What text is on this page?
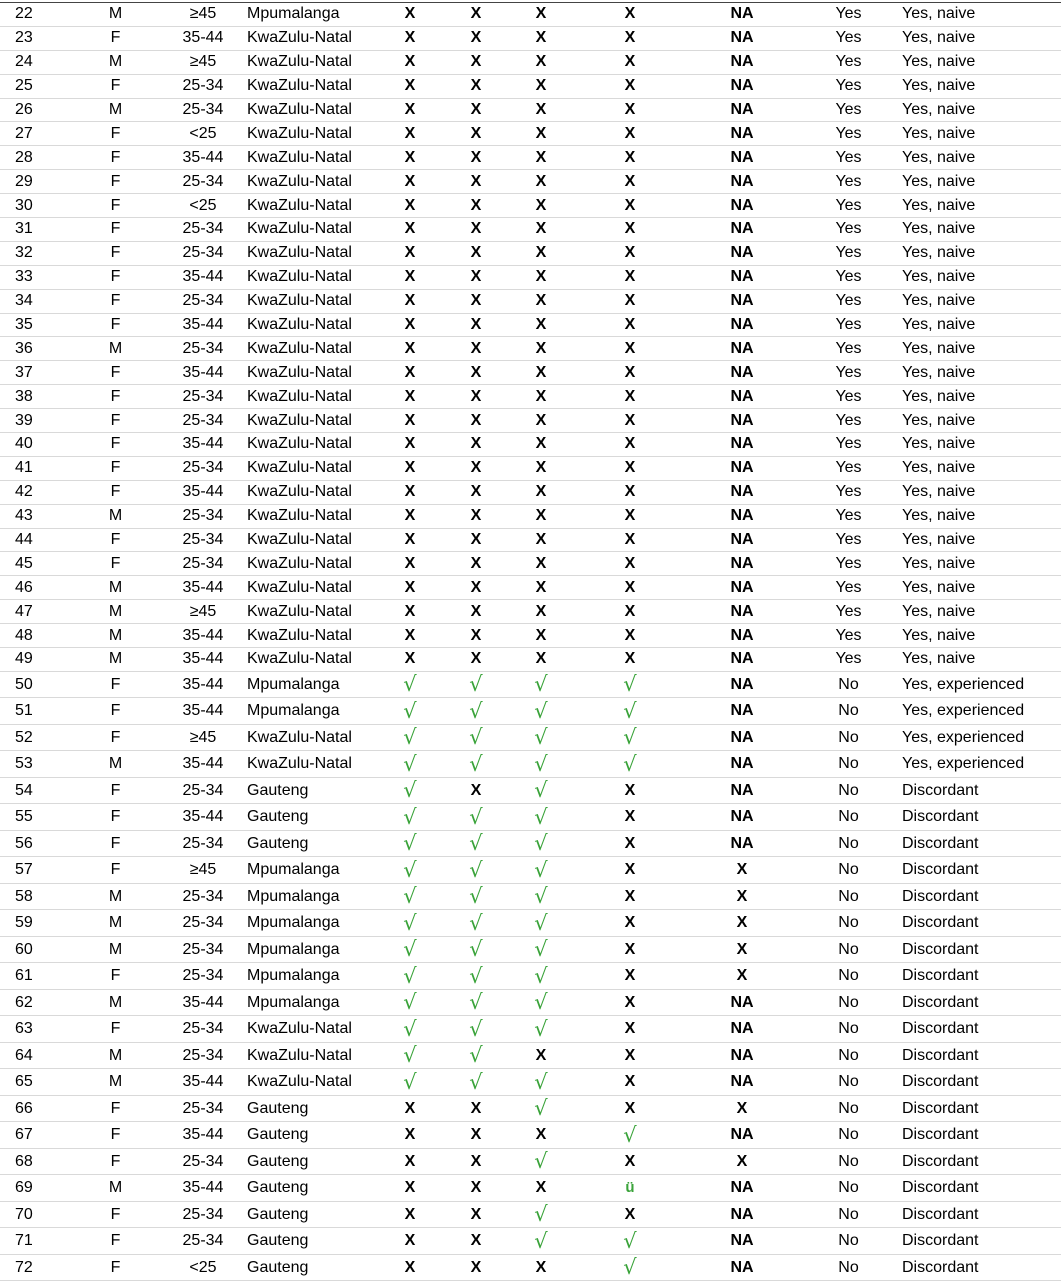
22	M	≥45	Mpumalanga	X	X	X	X	NA	Yes	Yes, naive
23	F	35-44	KwaZulu-Natal	X	X	X	X	NA	Yes	Yes, naive
24	M	≥45	KwaZulu-Natal	X	X	X	X	NA	Yes	Yes, naive
25	F	25-34	KwaZulu-Natal	X	X	X	X	NA	Yes	Yes, naive
26	M	25-34	KwaZulu-Natal	X	X	X	X	NA	Yes	Yes, naive
27	F	<25	KwaZulu-Natal	X	X	X	X	NA	Yes	Yes, naive
28	F	35-44	KwaZulu-Natal	X	X	X	X	NA	Yes	Yes, naive
29	F	25-34	KwaZulu-Natal	X	X	X	X	NA	Yes	Yes, naive
30	F	<25	KwaZulu-Natal	X	X	X	X	NA	Yes	Yes, naive
31	F	25-34	KwaZulu-Natal	X	X	X	X	NA	Yes	Yes, naive
32	F	25-34	KwaZulu-Natal	X	X	X	X	NA	Yes	Yes, naive
33	F	35-44	KwaZulu-Natal	X	X	X	X	NA	Yes	Yes, naive
34	F	25-34	KwaZulu-Natal	X	X	X	X	NA	Yes	Yes, naive
35	F	35-44	KwaZulu-Natal	X	X	X	X	NA	Yes	Yes, naive
36	M	25-34	KwaZulu-Natal	X	X	X	X	NA	Yes	Yes, naive
37	F	35-44	KwaZulu-Natal	X	X	X	X	NA	Yes	Yes, naive
38	F	25-34	KwaZulu-Natal	X	X	X	X	NA	Yes	Yes, naive
39	F	25-34	KwaZulu-Natal	X	X	X	X	NA	Yes	Yes, naive
40	F	35-44	KwaZulu-Natal	X	X	X	X	NA	Yes	Yes, naive
41	F	25-34	KwaZulu-Natal	X	X	X	X	NA	Yes	Yes, naive
42	F	35-44	KwaZulu-Natal	X	X	X	X	NA	Yes	Yes, naive
43	M	25-34	KwaZulu-Natal	X	X	X	X	NA	Yes	Yes, naive
44	F	25-34	KwaZulu-Natal	X	X	X	X	NA	Yes	Yes, naive
45	F	25-34	KwaZulu-Natal	X	X	X	X	NA	Yes	Yes, naive
46	M	35-44	KwaZulu-Natal	X	X	X	X	NA	Yes	Yes, naive
47	M	≥45	KwaZulu-Natal	X	X	X	X	NA	Yes	Yes, naive
48	M	35-44	KwaZulu-Natal	X	X	X	X	NA	Yes	Yes, naive
49	M	35-44	KwaZulu-Natal	X	X	X	X	NA	Yes	Yes, naive
50	F	35-44	Mpumalanga	√	√	√	√	NA	No	Yes, experienced
51	F	35-44	Mpumalanga	√	√	√	√	NA	No	Yes, experienced
52	F	≥45	KwaZulu-Natal	√	√	√	√	NA	No	Yes, experienced
53	M	35-44	KwaZulu-Natal	√	√	√	√	NA	No	Yes, experienced
54	F	25-34	Gauteng	√	X	√	X	NA	No	Discordant
55	F	35-44	Gauteng	√	√	√	X	NA	No	Discordant
56	F	25-34	Gauteng	√	√	√	X	NA	No	Discordant
57	F	≥45	Mpumalanga	√	√	√	X	X	No	Discordant
58	M	25-34	Mpumalanga	√	√	√	X	X	No	Discordant
59	M	25-34	Mpumalanga	√	√	√	X	X	No	Discordant
60	M	25-34	Mpumalanga	√	√	√	X	X	No	Discordant
61	F	25-34	Mpumalanga	√	√	√	X	X	No	Discordant
62	M	35-44	Mpumalanga	√	√	√	X	NA	No	Discordant
63	F	25-34	KwaZulu-Natal	√	√	√	X	NA	No	Discordant
64	M	25-34	KwaZulu-Natal	√	√	X	X	NA	No	Discordant
65	M	35-44	KwaZulu-Natal	√	√	√	X	NA	No	Discordant
66	F	25-34	Gauteng	X	X	√	X	X	No	Discordant
67	F	35-44	Gauteng	X	X	X	√	NA	No	Discordant
68	F	25-34	Gauteng	X	X	√	X	X	No	Discordant
69	M	35-44	Gauteng	X	X	X	ü	NA	No	Discordant
70	F	25-34	Gauteng	X	X	√	X	NA	No	Discordant
71	F	25-34	Gauteng	X	X	√	√	NA	No	Discordant
72	F	<25	Gauteng	X	X	X	√	NA	No	Discordant
